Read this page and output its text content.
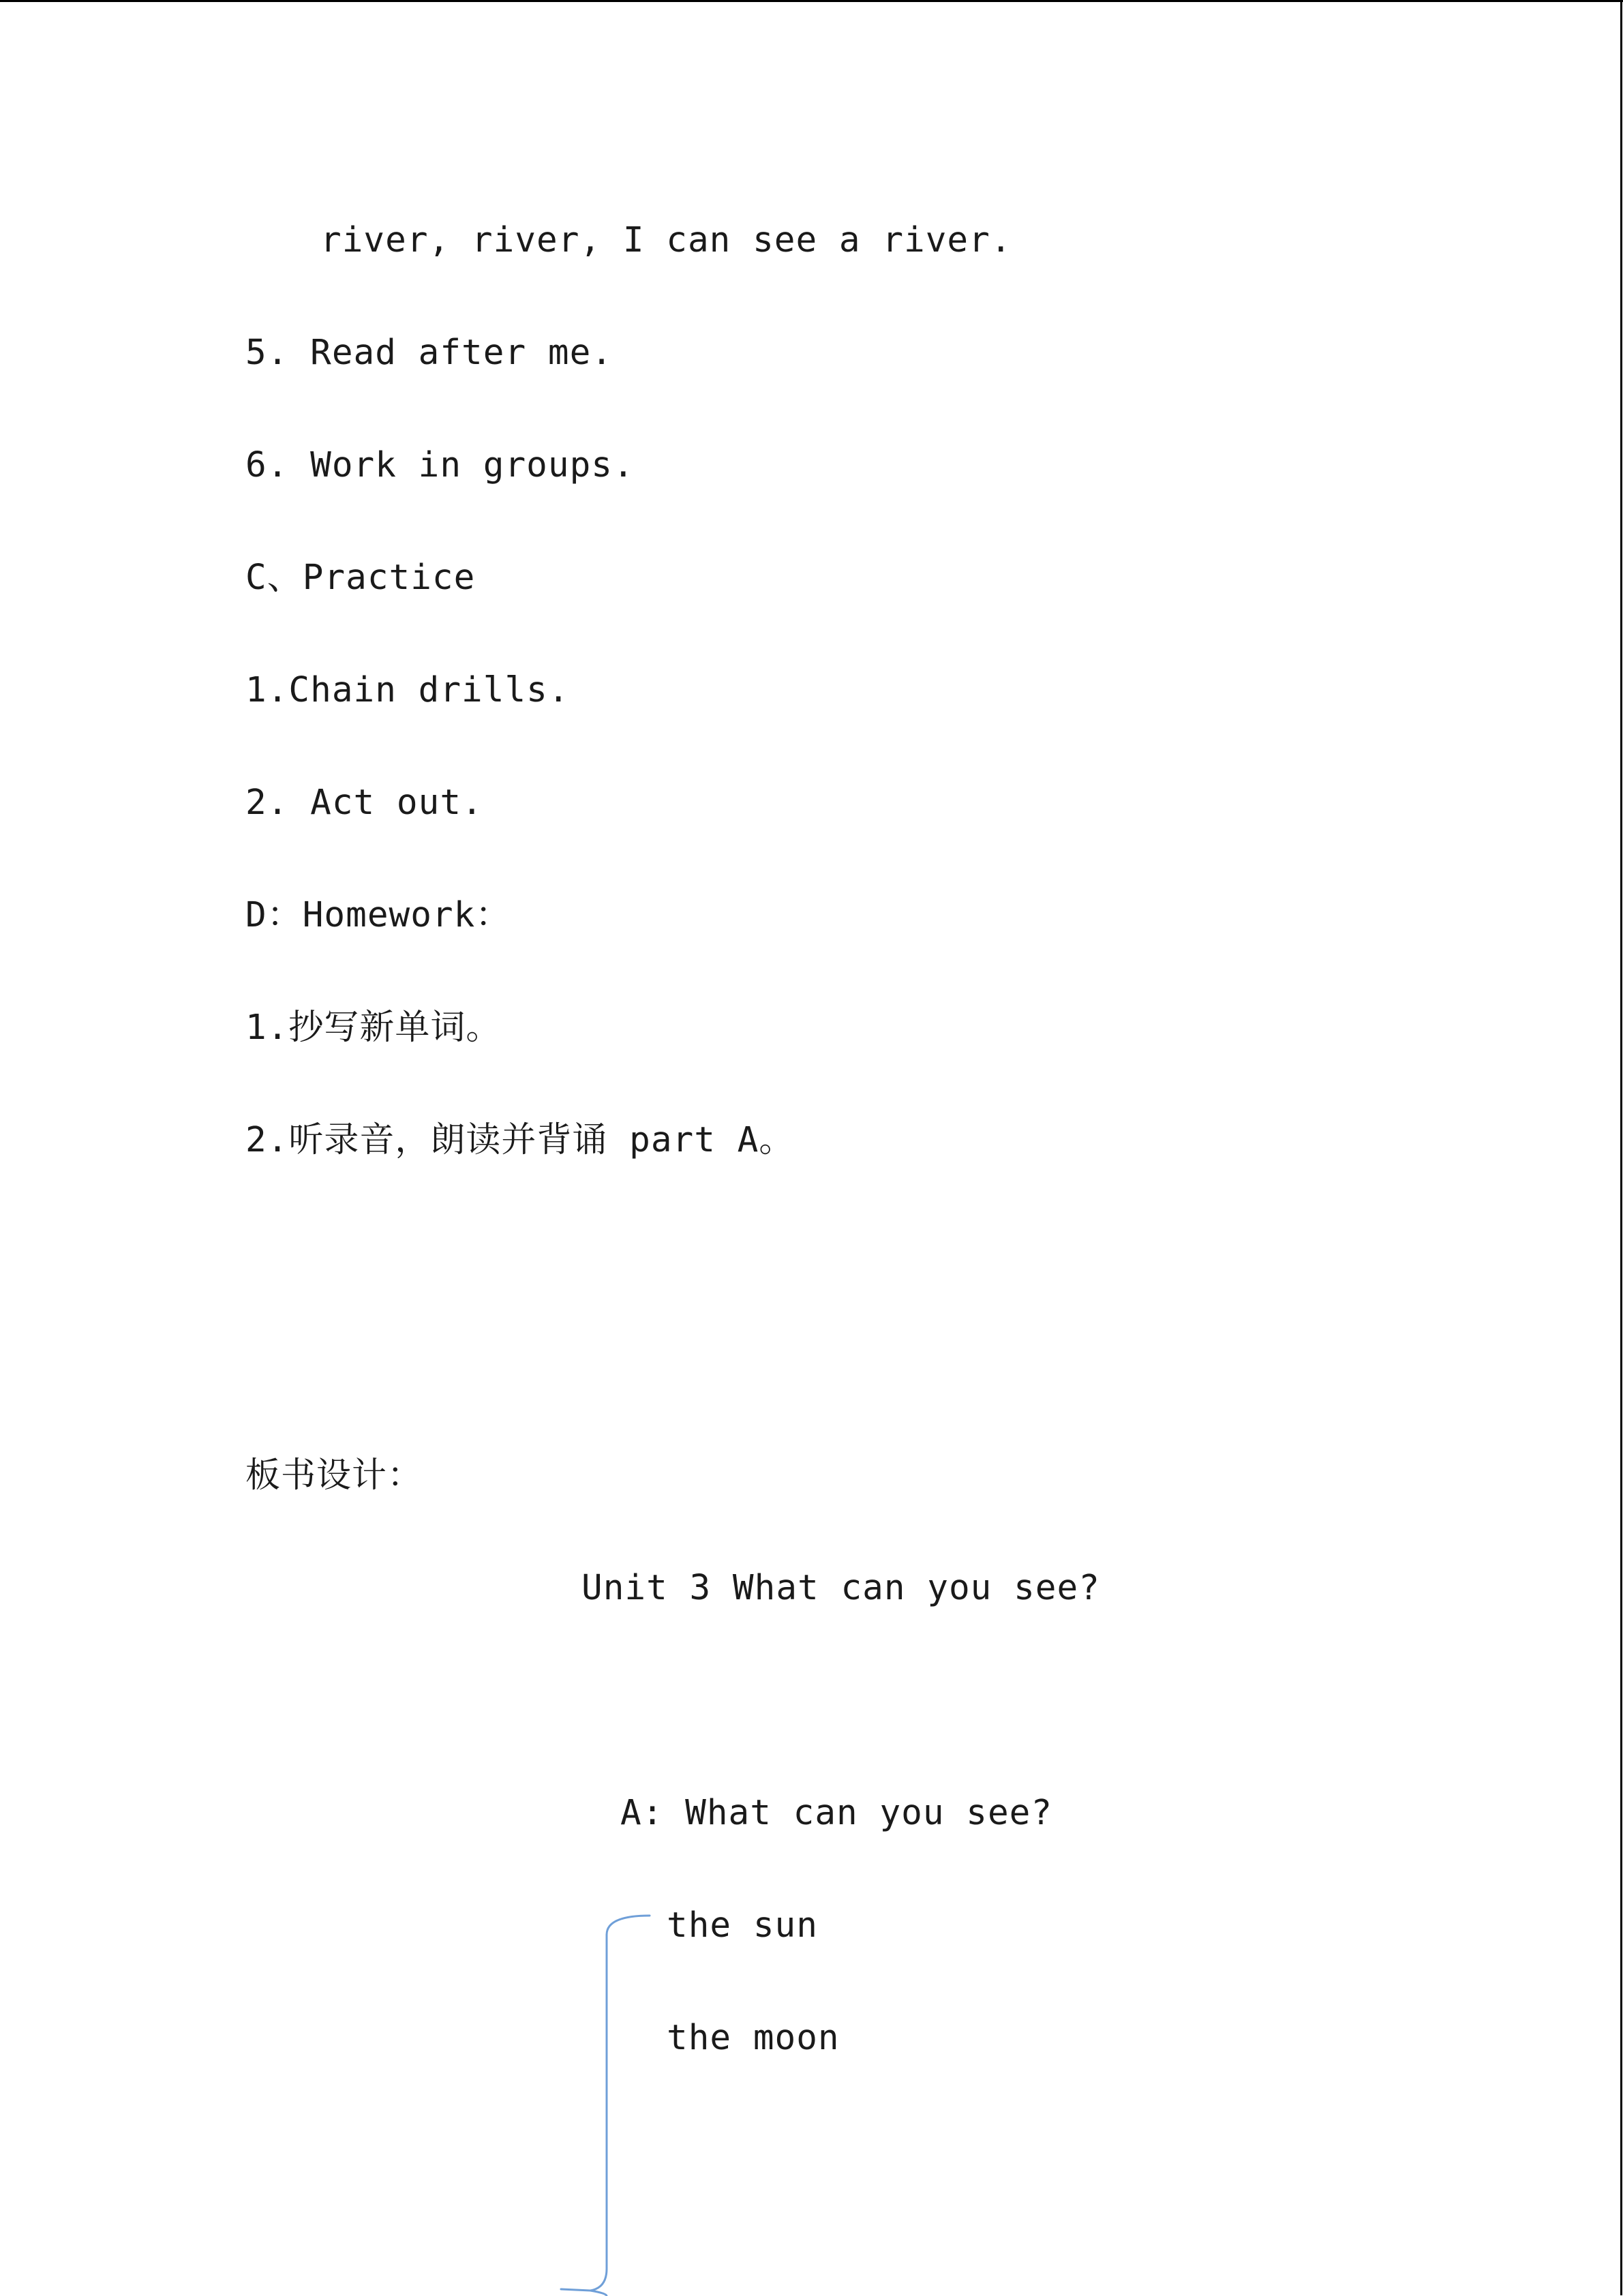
river, river, I can see a river.
5. Read after me.
6. Work in groups.
C、Practice
1.Chain drills.
2. Act out.
D：Homework：
1.抄写新单词。
2.听录音，朗读并背诵 part A。
板书设计：
Unit 3 What can you see?
A: What can you see?
the sun
the moon
